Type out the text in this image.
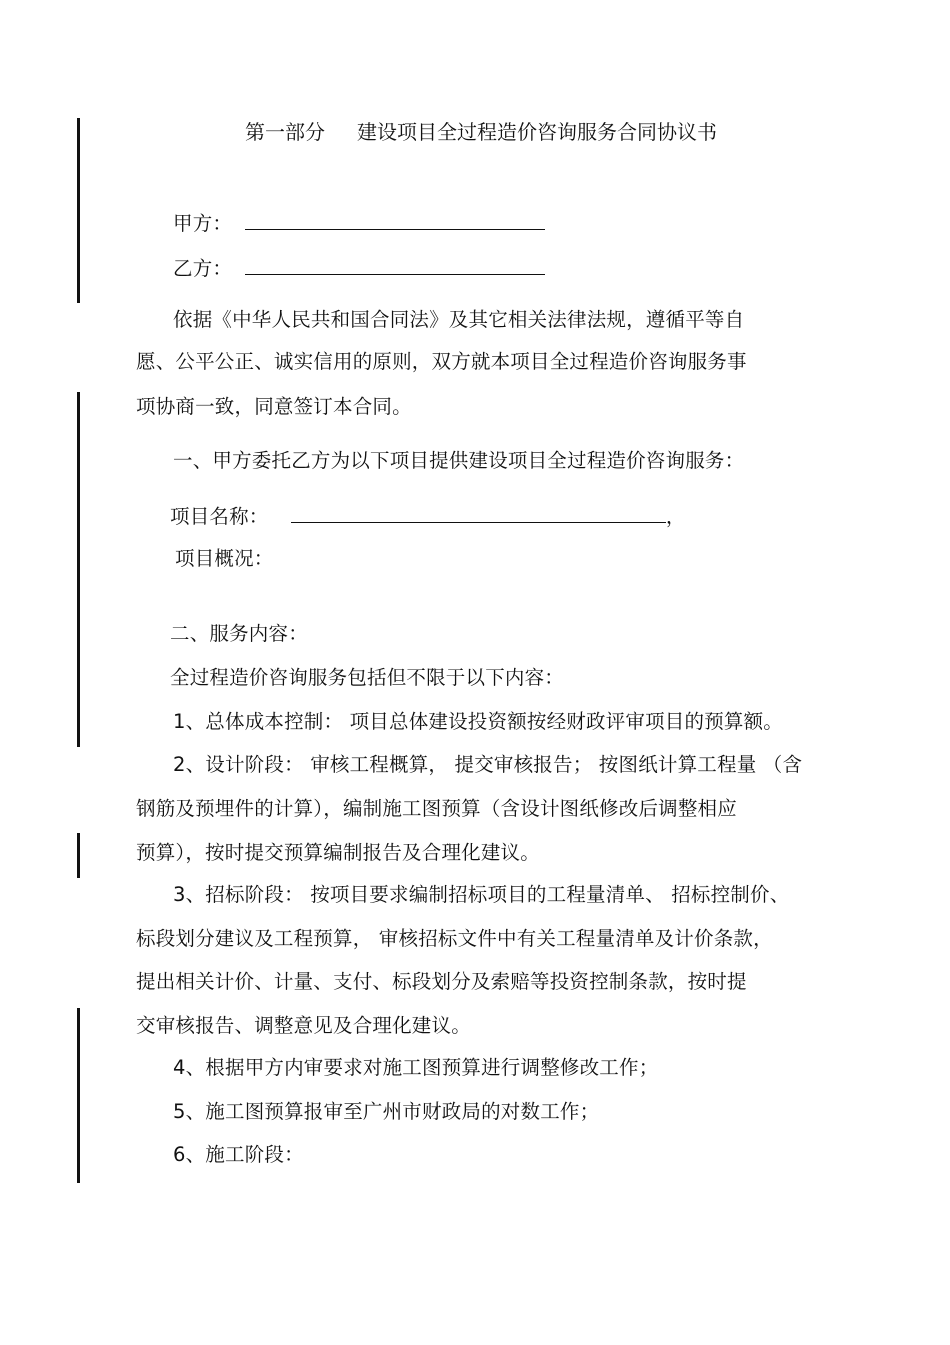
第一部分 建设项目全过程造价咨询服务合同协议书
甲方：
乙方：
依据《中华人民共和国合同法》及其它相关法律法规，遵循平等自
愿、公平公正、诚实信用的原则，双方就本项目全过程造价咨询服务事
项协商一致，同意签订本合同。
一、甲方委托乙方为以下项目提供建设项目全过程造价咨询服务：
项目名称：	，
项目概况：
二、服务内容：
全过程造价咨询服务包括但不限于以下内容：
1、总体成本控制： 项目总体建设投资额按经财政评审项目的预算额。
2、设计阶段： 审核工程概算， 提交审核报告； 按图纸计算工程量 （含
钢筋及预埋件的计算），编制施工图预算（含设计图纸修改后调整相应
预算），按时提交预算编制报告及合理化建议。
3、招标阶段： 按项目要求编制招标项目的工程量清单、 招标控制价、
标段划分建议及工程预算， 审核招标文件中有关工程量清单及计价条款，
提出相关计价、计量、支付、标段划分及索赔等投资控制条款，按时提
交审核报告、调整意见及合理化建议。
4、根据甲方内审要求对施工图预算进行调整修改工作；
5、施工图预算报审至广州市财政局的对数工作；
6、施工阶段：
